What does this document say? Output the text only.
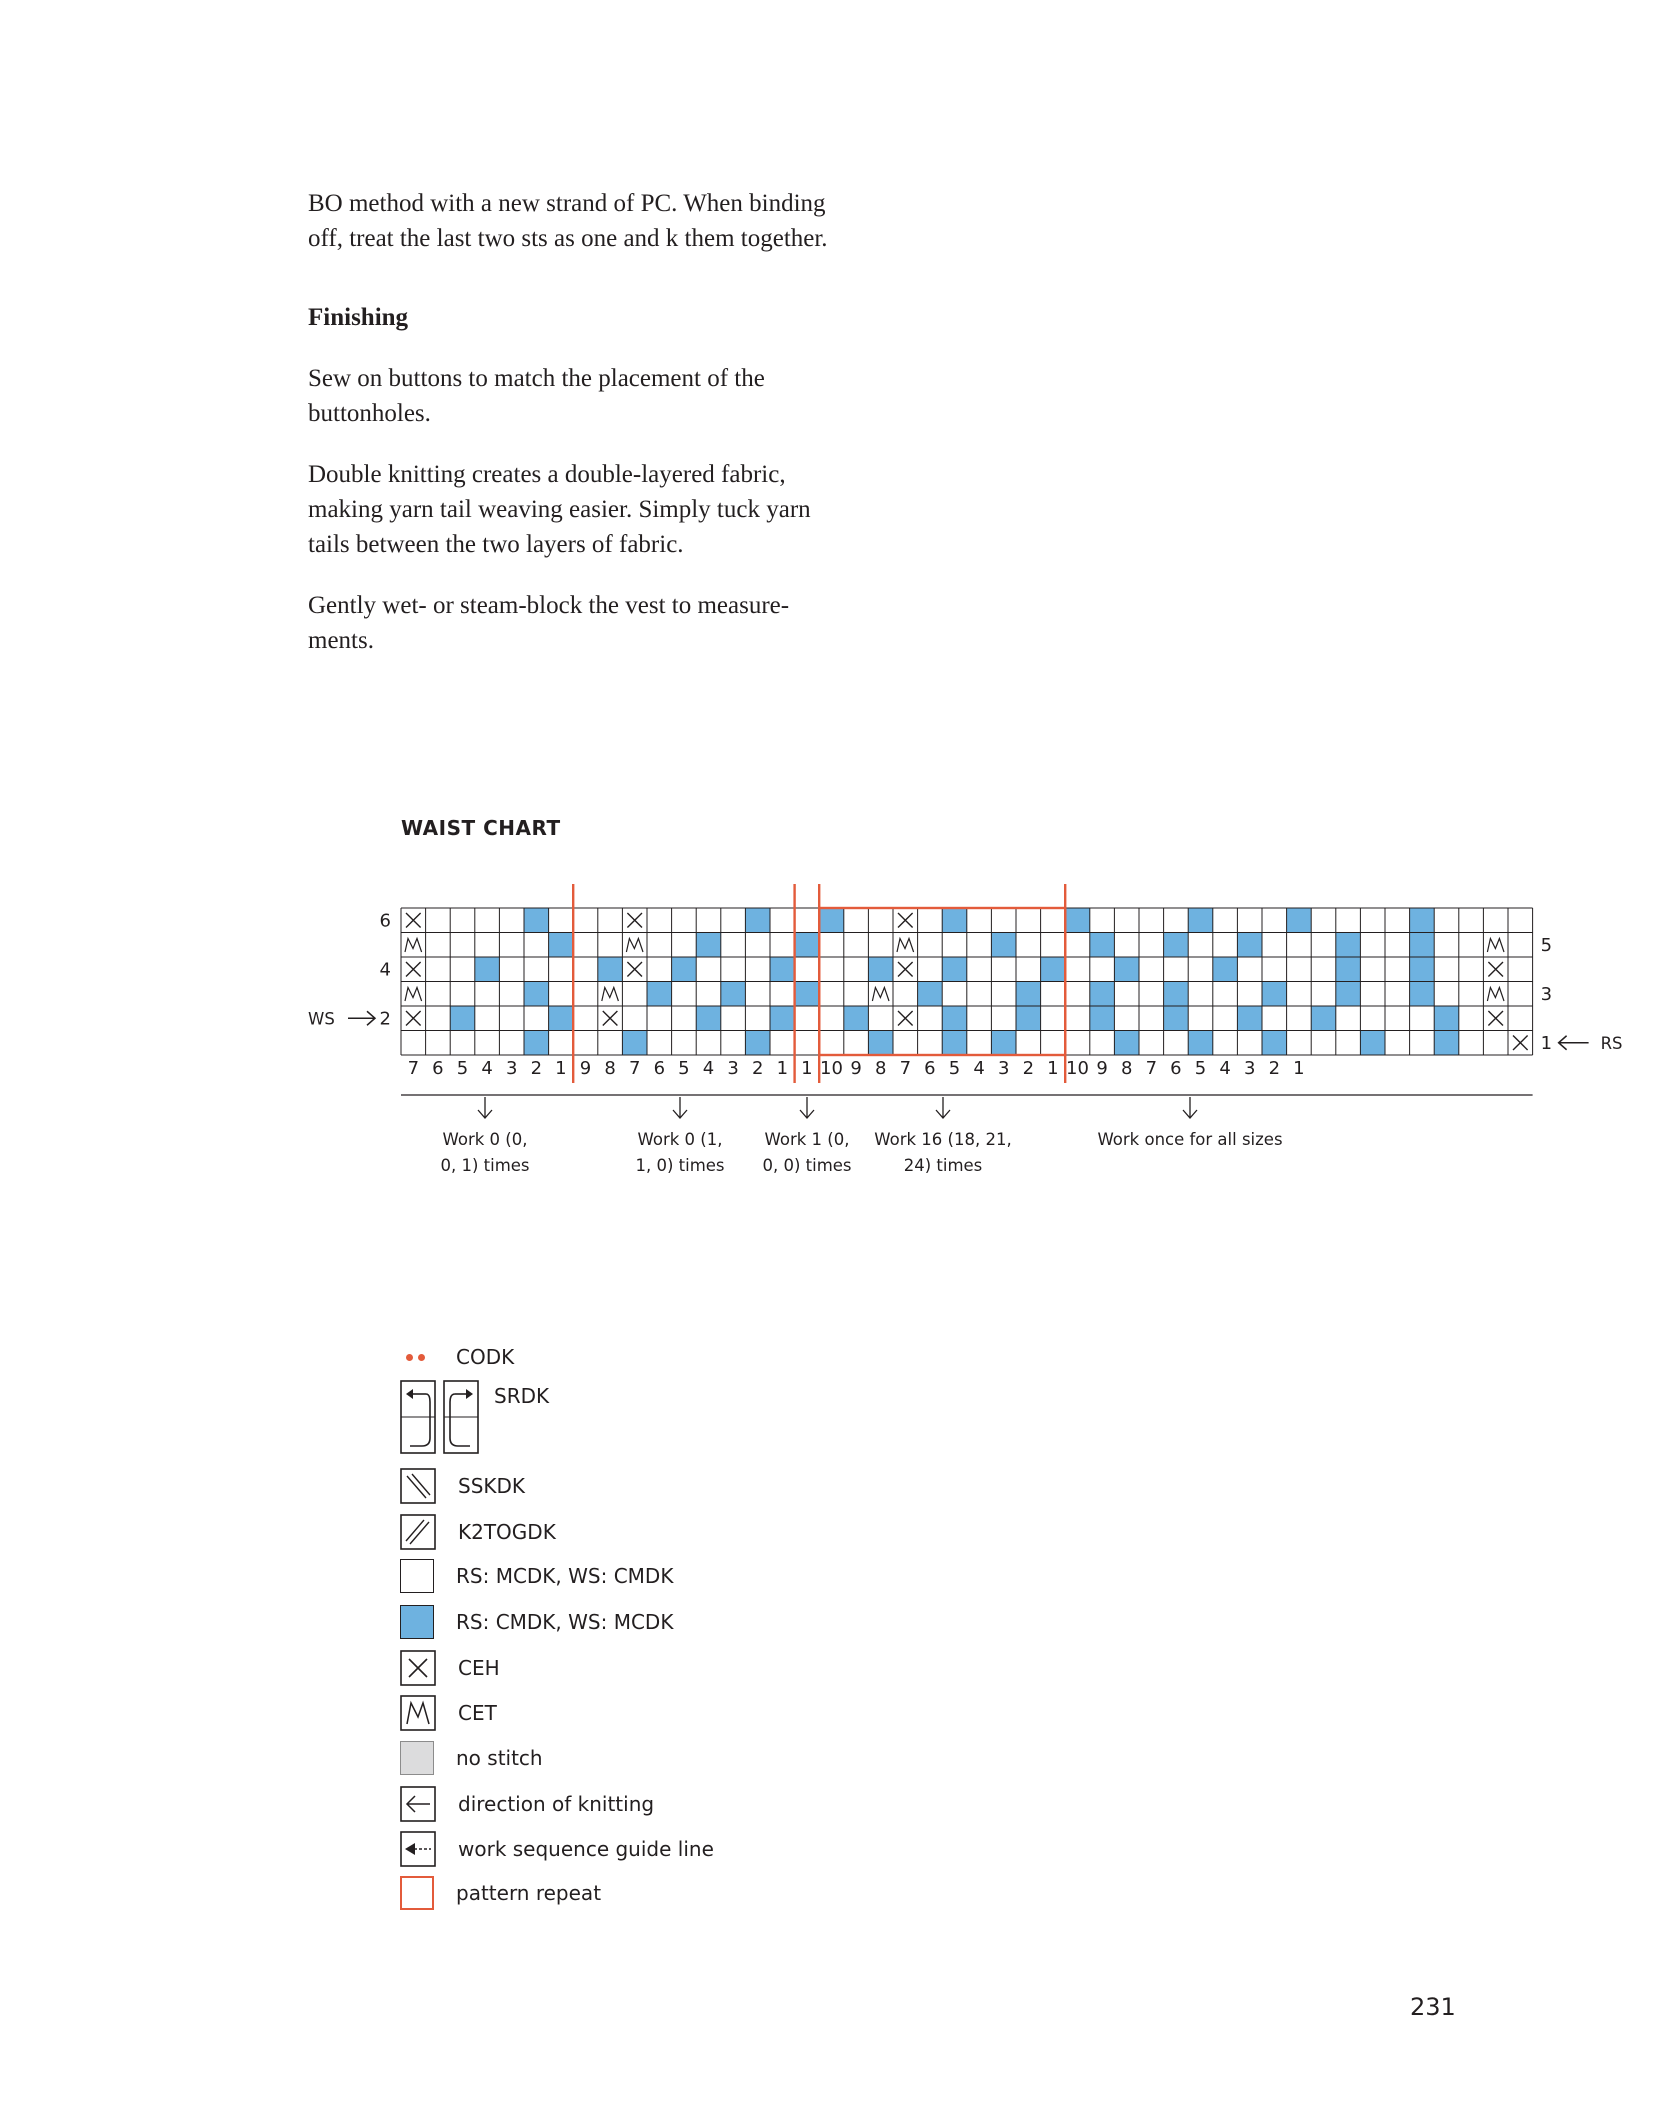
BO method with a new strand of PC. When binding
off, treat the last two sts as one and k them together.

Finishing

Sew on buttons to match the placement of the
buttonholes.

Double knitting creates a double-layered fabric,
making yarn tail weaving easier. Simply tuck yarn
tails between the two layers of fabric.

Gently wet- or steam-block the vest to measure-
ments.

WAIST CHART
6
4
2
5
3
1
WS
RS
7 6 5 4 3 2 1 9 8 7 6 5 4 3 2 1 1 10 9 8 7 6 5 4 3 2 1 10 9 8 7 6 5 4 3 2 1
Work 0 (0,
0, 1) times
Work 0 (1,
1, 0) times
Work 1 (0,
0, 0) times
Work 16 (18, 21,
24) times
Work once for all sizes
CODK
SRDK
SSKDK
K2TOGDK
RS: MCDK, WS: CMDK
RS: CMDK, WS: MCDK
CEH
CET
no stitch
direction of knitting
work sequence guide line
pattern repeat
231
